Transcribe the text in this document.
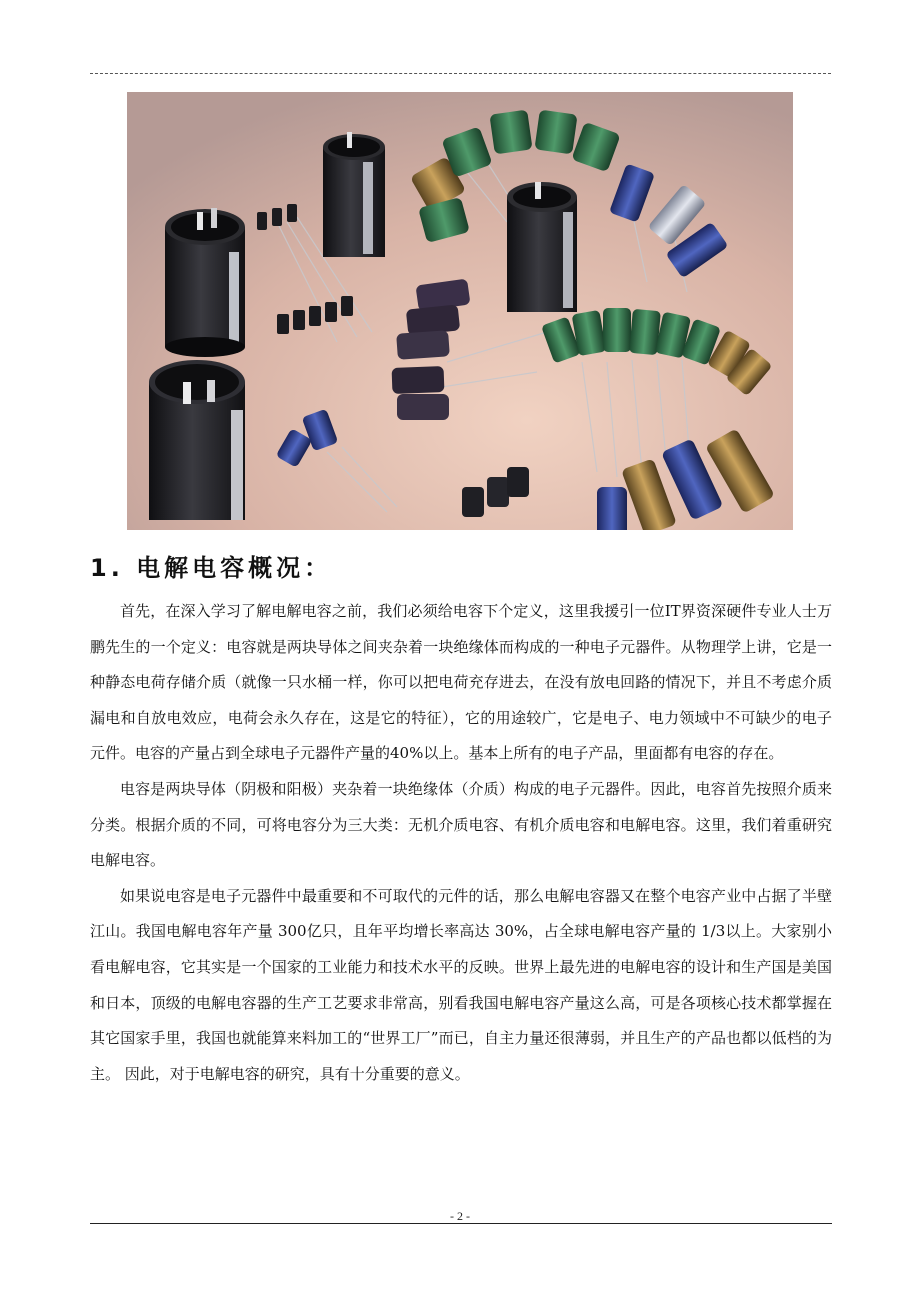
1. 电解电容概况：

首先，在深入学习了解电解电容之前，我们必须给电容下个定义，这里我援引一位IT界资深硬件专业人士万鹏先生的一个定义：电容就是两块导体之间夹杂着一块绝缘体而构成的一种电子元器件。从物理学上讲，它是一种静态电荷存储介质（就像一只水桶一样，你可以把电荷充存进去，在没有放电回路的情况下，并且不考虑介质漏电和自放电效应，电荷会永久存在，这是它的特征），它的用途较广，它是电子、电力领域中不可缺少的电子元件。电容的产量占到全球电子元器件产量的40%以上。基本上所有的电子产品，里面都有电容的存在。

电容是两块导体（阴极和阳极）夹杂着一块绝缘体（介质）构成的电子元器件。因此，电容首先按照介质来分类。根据介质的不同，可将电容分为三大类：无机介质电容、有机介质电容和电解电容。这里，我们着重研究电解电容。

如果说电容是电子元器件中最重要和不可取代的元件的话，那么电解电容器又在整个电容产业中占据了半壁江山。我国电解电容年产量 300亿只，且年平均增长率高达 30%，占全球电解电容产量的 1/3以上。大家别小看电解电容，它其实是一个国家的工业能力和技术水平的反映。世界上最先进的电解电容的设计和生产国是美国和日本，顶级的电解电容器的生产工艺要求非常高，别看我国电解电容产量这么高，可是各项核心技术都掌握在其它国家手里，我国也就能算来料加工的“世界工厂”而已，自主力量还很薄弱，并且生产的产品也都以低档的为主。 因此，对于电解电容的研究，具有十分重要的意义。

- 2 -
